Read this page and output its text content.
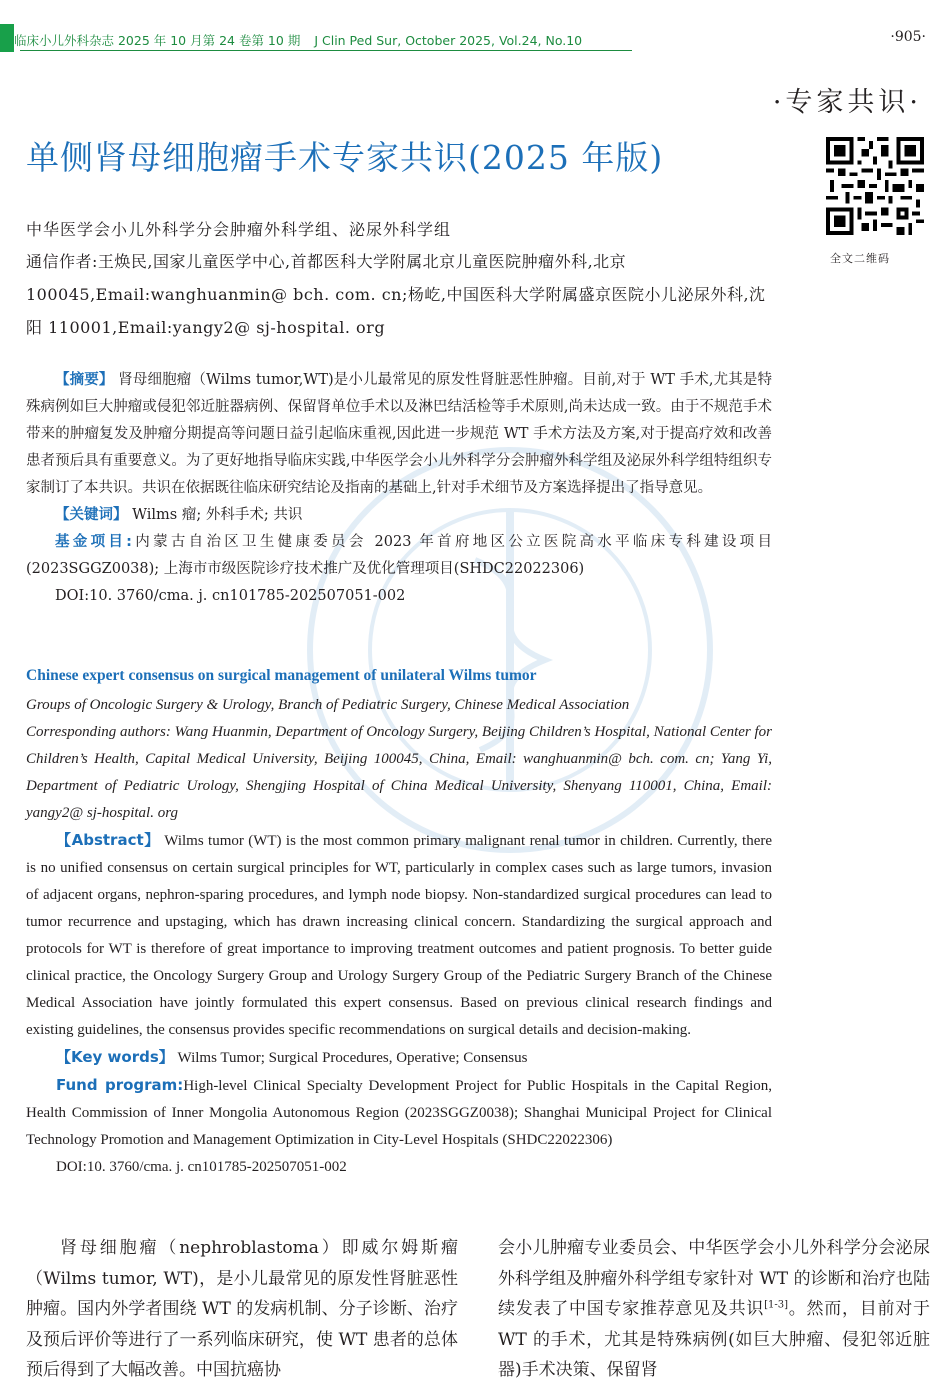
临床小儿外科杂志 2025 年 10 月第 24 卷第 10 期 J Clin Ped Sur, October 2025, Vol.24, No.10	·905·
·专家共识·
单侧肾母细胞瘤手术专家共识(2025 年版)
全文二维码
中华医学会小儿外科学分会肿瘤外科学组、泌尿外科学组
通信作者:王焕民,国家儿童医学中心,首都医科大学附属北京儿童医院肿瘤外科,北京 100045,Email:wanghuanmin@ bch. com. cn;杨屹,中国医科大学附属盛京医院小儿泌尿外科,沈阳 110001,Email:yangy2@ sj-hospital. org

【摘要】 肾母细胞瘤（Wilms tumor,WT)是小儿最常见的原发性肾脏恶性肿瘤。目前,对于 WT 手术,尤其是特殊病例如巨大肿瘤或侵犯邻近脏器病例、保留肾单位手术以及淋巴结活检等手术原则,尚未达成一致。由于不规范手术带来的肿瘤复发及肿瘤分期提高等问题日益引起临床重视,因此进一步规范 WT 手术方法及方案,对于提高疗效和改善患者预后具有重要意义。为了更好地指导临床实践,中华医学会小儿外科学分会肿瘤外科学组及泌尿外科学组特组织专家制订了本共识。共识在依据既往临床研究结论及指南的基础上,针对手术细节及方案选择提出了指导意见。

【关键词】 Wilms 瘤; 外科手术; 共识

基金项目:内蒙古自治区卫生健康委员会 2023 年首府地区公立医院高水平临床专科建设项目(2023SGGZ0038); 上海市市级医院诊疗技术推广及优化管理项目(SHDC22022306)

DOI:10. 3760/cma. j. cn101785-202507051-002

Chinese expert consensus on surgical management of unilateral Wilms tumor

Groups of Oncologic Surgery & Urology, Branch of Pediatric Surgery, Chinese Medical Association

Corresponding authors: Wang Huanmin, Department of Oncology Surgery, Beijing Children’s Hospital, National Center for Children’s Health, Capital Medical University, Beijing 100045, China, Email: wanghuanmin@ bch. com. cn; Yang Yi, Department of Pediatric Urology, Shengjing Hospital of China Medical University, Shenyang 110001, China, Email: yangy2@ sj-hospital. org

【Abstract】 Wilms tumor (WT) is the most common primary malignant renal tumor in children. Currently, there is no unified consensus on certain surgical principles for WT, particularly in complex cases such as large tumors, invasion of adjacent organs, nephron-sparing procedures, and lymph node biopsy. Non-standardized surgical procedures can lead to tumor recurrence and upstaging, which has drawn increasing clinical concern. Standardizing the surgical approach and protocols for WT is therefore of great importance to improving treatment outcomes and patient prognosis. To better guide clinical practice, the Oncology Surgery Group and Urology Surgery Group of the Pediatric Surgery Branch of the Chinese Medical Association have jointly formulated this expert consensus. Based on previous clinical research findings and existing guidelines, the consensus provides specific recommendations on surgical details and decision-making.

【Key words】 Wilms Tumor; Surgical Procedures, Operative; Consensus

Fund program:High-level Clinical Specialty Development Project for Public Hospitals in the Capital Region, Health Commission of Inner Mongolia Autonomous Region (2023SGGZ0038); Shanghai Municipal Project for Clinical Technology Promotion and Management Optimization in City-Level Hospitals (SHDC22022306)

DOI:10. 3760/cma. j. cn101785-202507051-002

肾母细胞瘤（nephroblastoma）即威尔姆斯瘤（Wilms tumor, WT)，是小儿最常见的原发性肾脏恶性肿瘤。国内外学者围绕 WT 的发病机制、分子诊断、治疗及预后评价等进行了一系列临床研究，使 WT 患者的总体预后得到了大幅改善。中国抗癌协

会小儿肿瘤专业委员会、中华医学会小儿外科学分会泌尿外科学组及肿瘤外科学组专家针对 WT 的诊断和治疗也陆续发表了中国专家推荐意见及共识[1-3]。然而，目前对于 WT 的手术，尤其是特殊病例(如巨大肿瘤、侵犯邻近脏器)手术决策、保留肾
